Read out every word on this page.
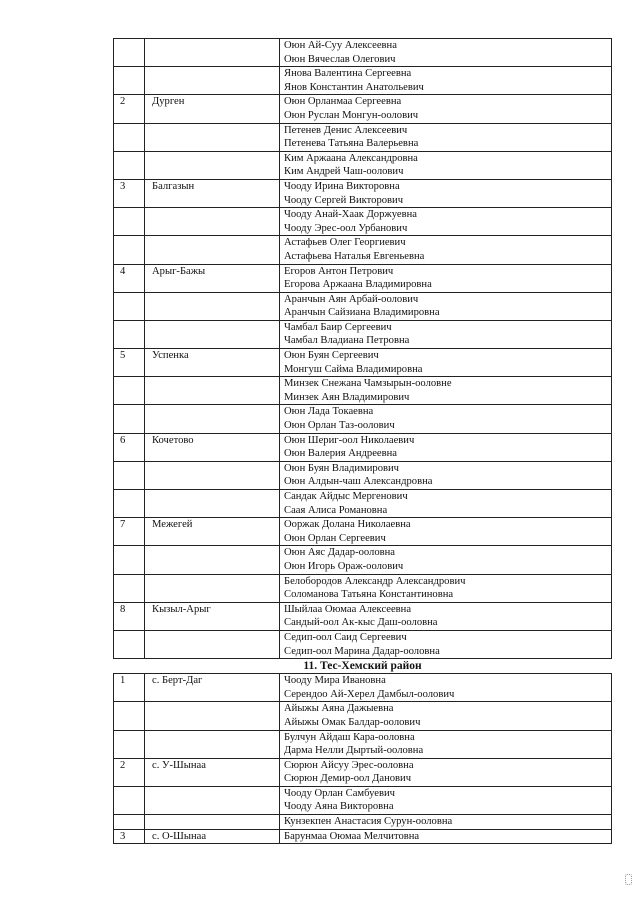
		Оюн Ай-Суу Алексеевна
Оюн Вячеслав Олегович

		Янова Валентина Сергеевна
Янов Константин Анатольевич

2	Дурген	Оюн Орланмаа Сергеевна
Оюн Руслан Монгун-оолович

		Петенев Денис Алексеевич
Петенева Татьяна Валерьевна

		Ким Аржаана Александровна
Ким Андрей Чаш-оолович

3	Балгазын	Чооду Ирина Викторовна
Чооду Сергей Викторович

		Чооду Анай-Хаак Доржуевна
Чооду Эрес-оол Урбанович

		Астафьев Олег Георгиевич
Астафьева Наталья Евгеньевна

4	Арыг-Бажы	Егоров Антон Петрович
Егорова Аржаана Владимировна

		Аранчын Аян Арбай-оолович
Аранчын Сайзиана Владимировна

		Чамбал Баир Сергеевич
Чамбал Владиана Петровна

5	Успенка	Оюн Буян Сергеевич
Монгуш Сайма Владимировна

		Минзек Снежана Чамзырын-ооловне
Минзек Аян Владимирович

		Оюн Лада Токаевна
Оюн Орлан Таз-оолович

6	Кочетово	Оюн Шериг-оол Николаевич
Оюн Валерия Андреевна

		Оюн Буян Владимирович
Оюн Алдын-чаш Александровна

		Сандак Айдыс Мергенович
Саая Алиса Романовна

7	Межегей	Ооржак Долана Николаевна
Оюн Орлан Сергеевич

		Оюн Аяс Дадар-ооловна
Оюн Игорь Ораж-оолович

		Белобородов Александр Александрович
Соломанова Татьяна Константиновна

8	Кызыл-Арыг	Шыйлаа Оюмаа Алексеевна
Сандый-оол Ак-кыс Даш-ооловна

		Седип-оол Саид Сергеевич
Седип-оол Марина Дадар-ооловна

11. Тес-Хемский район		
1	с. Берт-Даг	Чооду Мира Ивановна
Серендоо Ай-Херел Дамбыл-оолович

		Айыжы Аяна Дажыевна
Айыжы Омак Балдар-оолович

		Булчун Айдаш Кара-ооловна
Дарма Нелли Дыртый-ооловна

2	с. У-Шынаа	Сюрюн Айсуу Эрес-ооловна
Сюрюн Демир-оол Данович

		Чооду Орлан Самбуевич
Чооду Аяна Викторовна

		Кунзекпен Анастасия Сурун-ооловна

3	с. О-Шынаа	Барунмаа Оюмаа Мелчитовна
